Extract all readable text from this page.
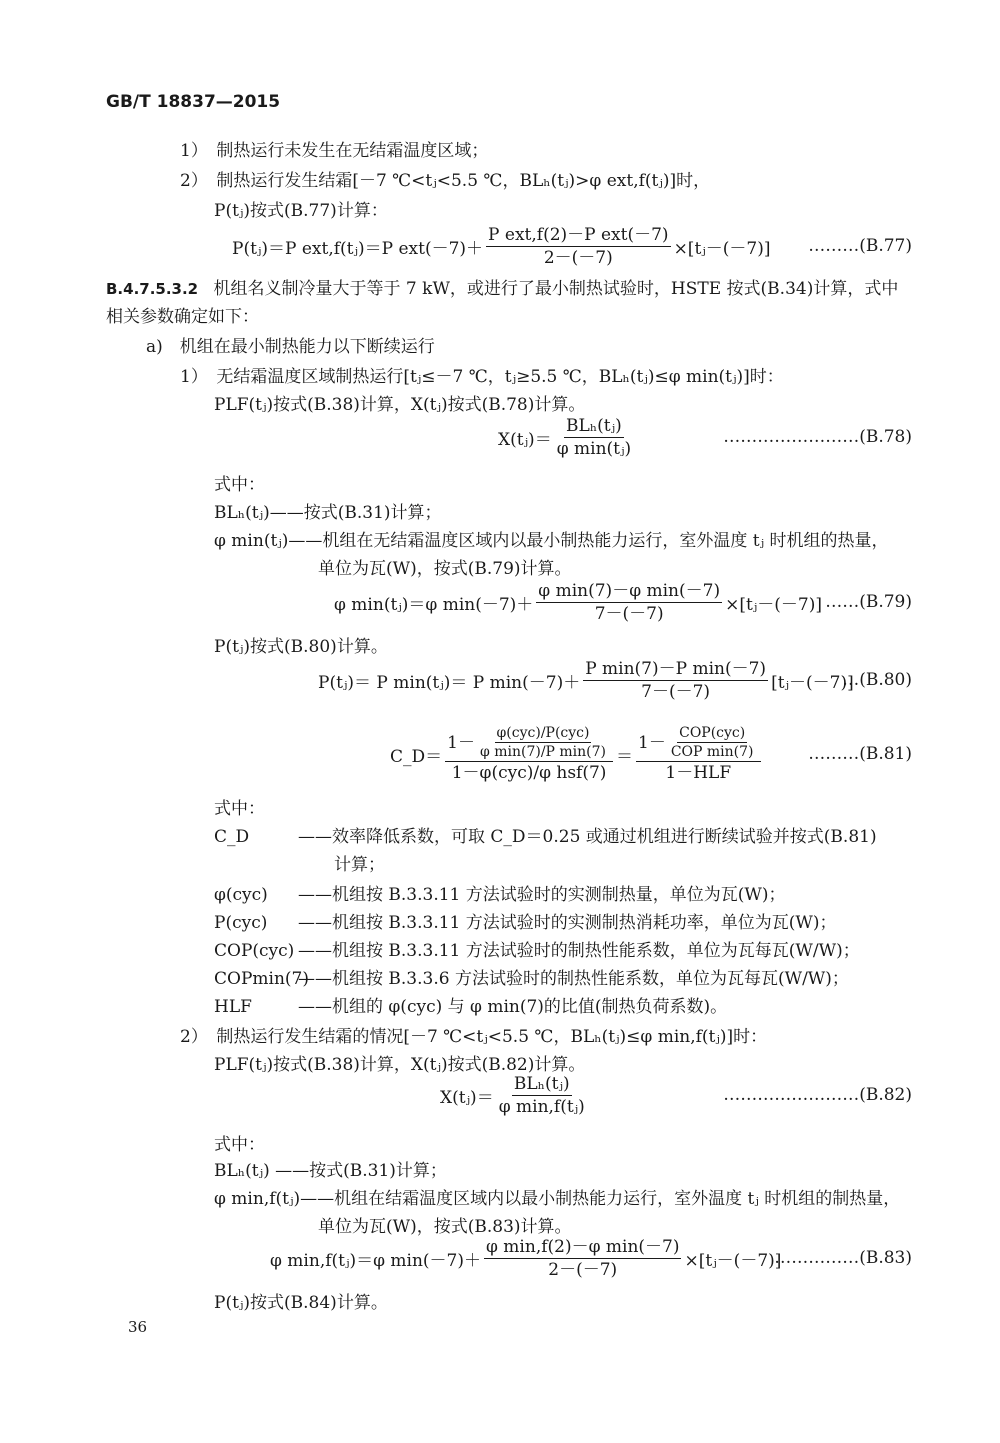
GB/T 18837—2015
1）　制热运行未发生在无结霜温度区域；
2）　制热运行发生结霜[－7 ℃<tⱼ<5.5 ℃，BLₕ(tⱼ)>φ ext,f(tⱼ)]时，
P(tⱼ)按式(B.77)计算：
P(tⱼ)＝P ext,f(tⱼ)＝P $ext(-7)+ \frac{\text{P ext,f(2)－P ext(－7)}}{2-(-7)}$ ×[tⱼ－(－7)] ………(B.77)
B.4.7.5.3.2 机组名义制冷量大于等于 7 kW，或进行了最小制热试验时，HSTE 按式(B.34)计算，式中
相关参数确定如下：
a)　机组在最小制热能力以下断续运行
1）　无结霜温度区域制热运行[tⱼ≤－7 ℃，tⱼ≥5.5 ℃，BLₕ(tⱼ)≤φ min(tⱼ)]时：
PLF(tⱼ)按式(B.38)计算，X(tⱼ)按式(B.78)计算。
X(tⱼ)＝ $\frac{\text{BLₕ(tⱼ)}}{\text{φ min(tⱼ)}}$	……………………(B.78)
式中：
BLₕ(tⱼ)——按式(B.31)计算；
φ min(tⱼ)——机组在无结霜温度区域内以最小制热能力运行，室外温度 tⱼ 时机组的热量，
单位为瓦(W)，按式(B.79)计算。
φ min(tⱼ)＝φ $\min(-7)+ \frac{\text{φ min(7)－φ min(－7)}}{7-(-7)}$ ×[tⱼ－(－7)] ……(B.79)
P(tⱼ)按式(B.80)计算。
P(tⱼ)＝ P min(tⱼ)＝ P $\min(-7)+ \frac{\text{P min(7)－P min(－7)}}{7-(-7)}$ [tⱼ－(－7)]
…(B.80)
C_D＝ $\frac{1- \frac{\text{φ(cyc)/P(cyc)}}{\text{φ min(7)/P min(7)}}}{\text{1－φ(cyc)/φ hsf(7)}} = \frac{1- \frac{\text{COP(cyc)}}{\text{COP min(7)}}}{\text{1－HLF}}$	………(B.81)
式中：
C_D	——效率降低系数，可取 C_D＝0.25 或通过机组进行断续试验并按式(B.81)
计算；
φ(cyc) ——机组按 B.3.3.11 方法试验时的实测制热量，单位为瓦(W)；
P(cyc) ——机组按 B.3.3.11 方法试验时的实测制热消耗功率，单位为瓦(W)；
COP(cyc) ——机组按 B.3.3.11 方法试验时的制热性能系数，单位为瓦每瓦(W/W)；
COPmin(7)——机组按 B.3.3.6 方法试验时的制热性能系数，单位为瓦每瓦(W/W)；
HLF	——机组的 φ(cyc) 与 φ min(7)的比值(制热负荷系数)。
2）　制热运行发生结霜的情况[－7 ℃<tⱼ<5.5 ℃，BLₕ(tⱼ)≤φ min,f(tⱼ)]时：
PLF(tⱼ)按式(B.38)计算，X(tⱼ)按式(B.82)计算。
X(tⱼ)＝ $\frac{\text{BLₕ(tⱼ)}}{\text{φ min,f(tⱼ)}}$	……………………(B.82)
式中：
BLₕ(tⱼ) ——按式(B.31)计算；
φ min,f(tⱼ)——机组在结霜温度区域内以最小制热能力运行，室外温度 tⱼ 时机组的制热量，
单位为瓦(W)，按式(B.83)计算。
φ min,f(tⱼ)＝φ $\min(-7)+ \frac{\text{φ min,f(2)－φ min(－7)}}{2-(-7)}$ ×[tⱼ－(－7)]
……………(B.83)
P(tⱼ)按式(B.84)计算。
36
